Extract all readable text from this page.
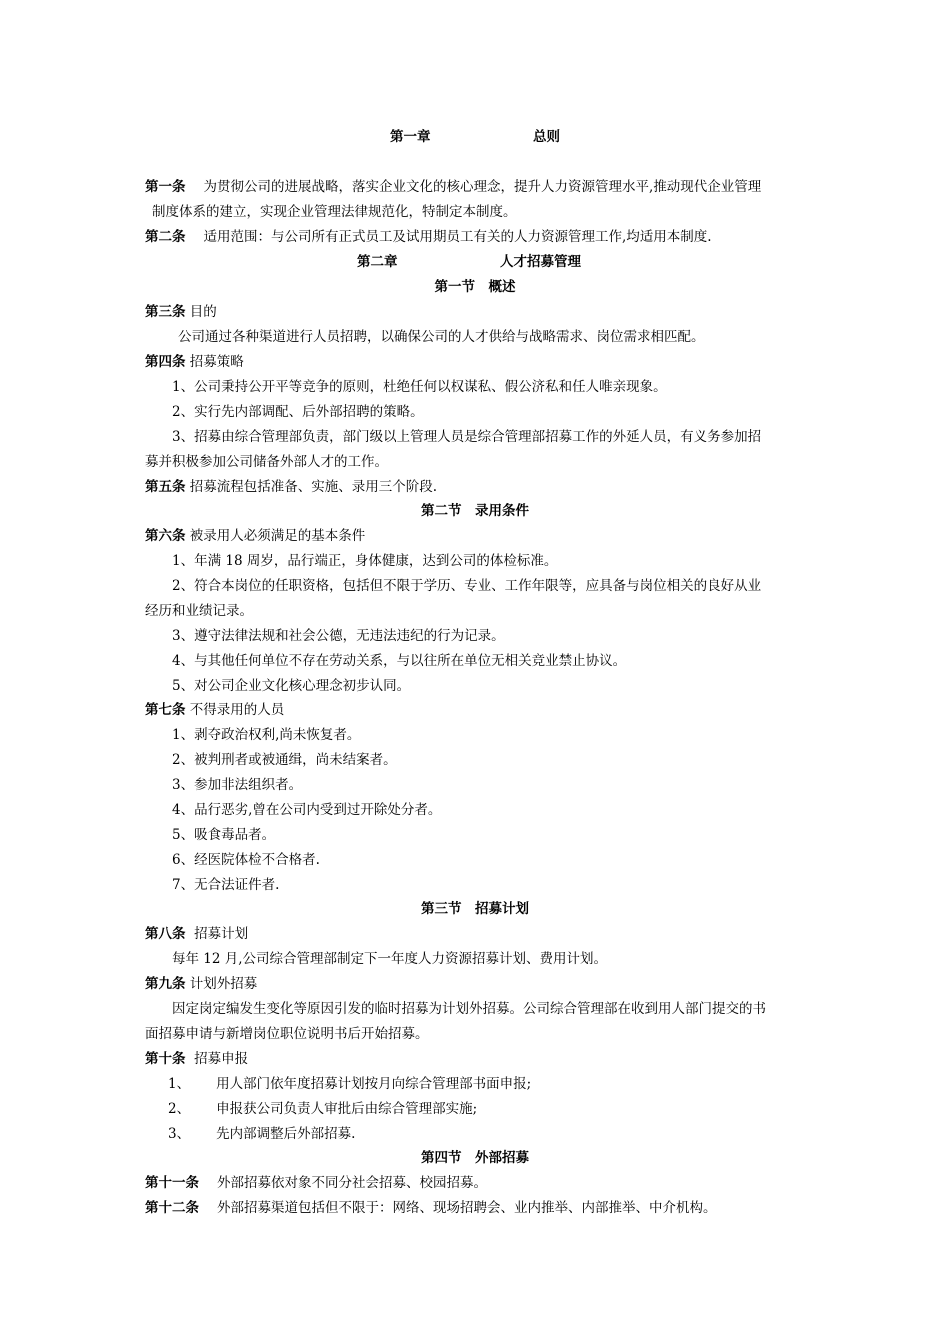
第一章	总则
第一条 为贯彻公司的进展战略，落实企业文化的核心理念，提升人力资源管理水平,推动现代企业管理
制度体系的建立，实现企业管理法律规范化，特制定本制度。
第二条 适用范围：与公司所有正式员工及试用期员工有关的人力资源管理工作,均适用本制度.
第二章	人才招募管理
第一节　概述
第三条 目的
公司通过各种渠道进行人员招聘，以确保公司的人才供给与战略需求、岗位需求相匹配。
第四条 招募策略
1、公司秉持公开平等竞争的原则，杜绝任何以权谋私、假公济私和任人唯亲现象。
2、实行先内部调配、后外部招聘的策略。
3、招募由综合管理部负责，部门级以上管理人员是综合管理部招募工作的外延人员，有义务参加招
募并积极参加公司储备外部人才的工作。
第五条 招募流程包括准备、实施、录用三个阶段.
第二节　录用条件
第六条 被录用人必须满足的基本条件
1、年满 18 周岁，品行端正，身体健康，达到公司的体检标准。
2、符合本岗位的任职资格，包括但不限于学历、专业、工作年限等，应具备与岗位相关的良好从业
经历和业绩记录。
3、遵守法律法规和社会公德，无违法违纪的行为记录。
4、与其他任何单位不存在劳动关系，与以往所在单位无相关竞业禁止协议。
5、对公司企业文化核心理念初步认同。
第七条 不得录用的人员
1、剥夺政治权利,尚未恢复者。
2、被判刑者或被通缉，尚未结案者。
3、参加非法组织者。
4、品行恶劣,曾在公司内受到过开除处分者。
5、吸食毒品者。
6、经医院体检不合格者.
7、无合法证件者.
第三节　招募计划
第八条 招募计划
每年 12 月,公司综合管理部制定下一年度人力资源招募计划、费用计划。
第九条 计划外招募
因定岗定编发生变化等原因引发的临时招募为计划外招募。公司综合管理部在收到用人部门提交的书
面招募申请与新增岗位职位说明书后开始招募。
第十条 招募申报
1、 用人部门依年度招募计划按月向综合管理部书面申报;
2、 申报获公司负责人审批后由综合管理部实施;
3、 先内部调整后外部招募.
第四节　外部招募
第十一条 外部招募依对象不同分社会招募、校园招募。
第十二条 外部招募渠道包括但不限于：网络、现场招聘会、业内推举、内部推举、中介机构。
